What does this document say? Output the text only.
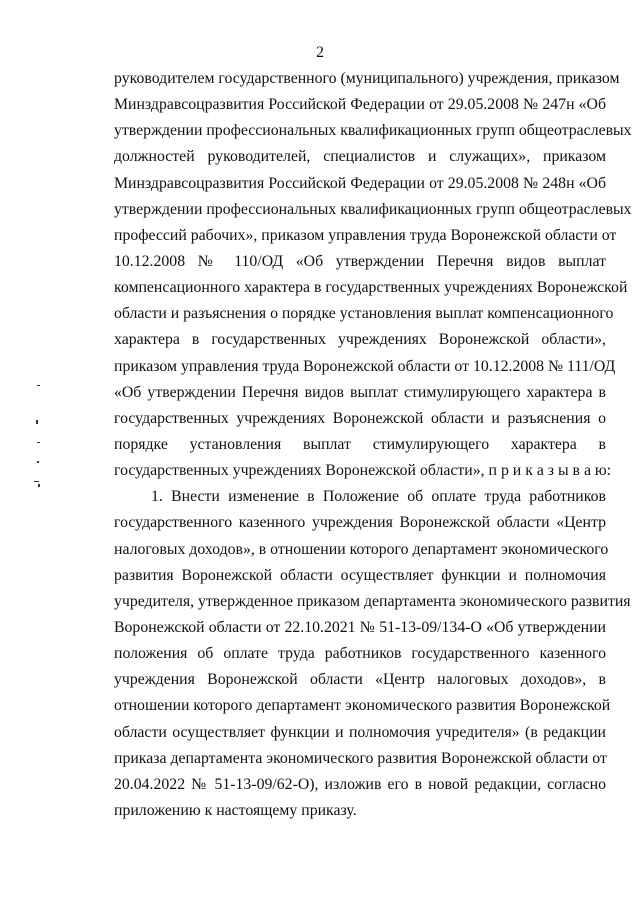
2
руководителем государственного (муниципального) учреждения, приказом
Минздравсоцразвития Российской Федерации от 29.05.2008 № 247н «Об
утверждении профессиональных квалификационных групп общеотраслевых
должностей руководителей, специалистов и служащих», приказом
Минздравсоцразвития Российской Федерации от 29.05.2008 № 248н «Об
утверждении профессиональных квалификационных групп общеотраслевых
профессий рабочих», приказом управления труда Воронежской области от
10.12.2008 № 110/ОД «Об утверждении Перечня видов выплат
компенсационного характера в государственных учреждениях Воронежской
области и разъяснения о порядке установления выплат компенсационного
характера в государственных учреждениях Воронежской области»,
приказом управления труда Воронежской области от 10.12.2008 № 111/ОД
«Об утверждении Перечня видов выплат стимулирующего характера в
государственных учреждениях Воронежской области и разъяснения о
порядке установления выплат стимулирующего характера в
государственных учреждениях Воронежской области», п р и к а з ы в а ю:
1. Внести изменение в Положение об оплате труда работников
государственного казенного учреждения Воронежской области «Центр
налоговых доходов», в отношении которого департамент экономического
развития Воронежской области осуществляет функции и полномочия
учредителя, утвержденное приказом департамента экономического развития
Воронежской области от 22.10.2021 № 51-13-09/134-О «Об утверждении
положения об оплате труда работников государственного казенного
учреждения Воронежской области «Центр налоговых доходов», в
отношении которого департамент экономического развития Воронежской
области осуществляет функции и полномочия учредителя» (в редакции
приказа департамента экономического развития Воронежской области от
20.04.2022 № 51-13-09/62-О), изложив его в новой редакции, согласно
приложению к настоящему приказу.
